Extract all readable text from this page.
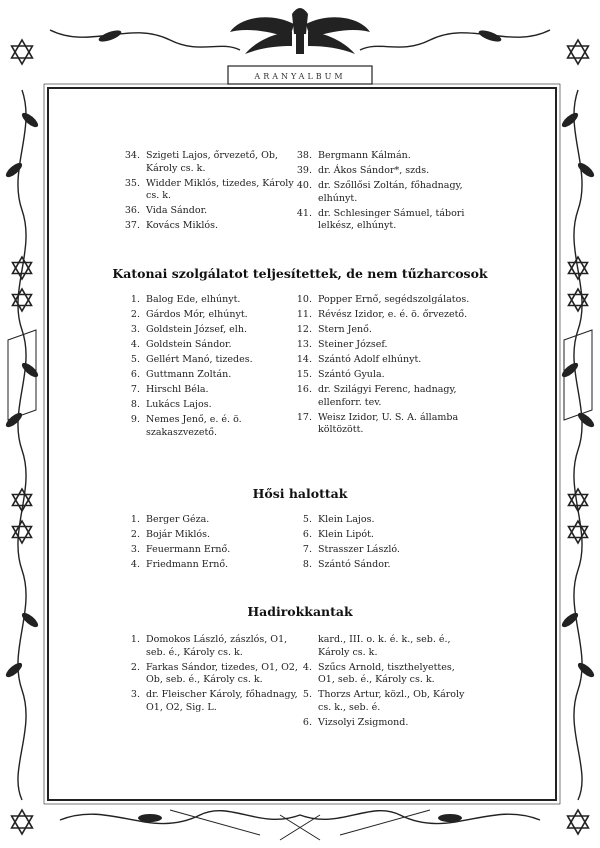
ARANYALBUM
34. Szigeti Lajos, őrvezető, Ob, Károly cs. k.
35. Widder Miklós, tizedes, Károly cs. k.
36. Vida Sándor.
37. Kovács Miklós.
38. Bergmann Kálmán.
39. dr. Ákos Sándor*, szds.
40. dr. Szőllősi Zoltán, főhadnagy, elhúnyt.
41. dr. Schlesinger Sámuel, tábori lelkész, elhúnyt.
Katonai szolgálatot teljesítettek, de nem tűzharcosok
1. Balog Ede, elhúnyt.
2. Gárdos Mór, elhúnyt.
3. Goldstein József, elh.
4. Goldstein Sándor.
5. Gellért Manó, tizedes.
6. Guttmann Zoltán.
7. Hirschl Béla.
8. Lukács Lajos.
9. Nemes Jenő, e. é. ö. szakaszvezető.
10. Popper Ernő, segédszolgálatos.
11. Révész Izidor, e. é. ö. őrvezető.
12. Stern Jenő.
13. Steiner József.
14. Szántó Adolf elhúnyt.
15. Szántó Gyula.
16. dr. Szilágyi Ferenc, hadnagy, ellenforr. tev.
17. Weisz Izidor, U. S. A. államba költözött.
Hősi halottak
1. Berger Géza.
2. Bojár Miklós.
3. Feuermann Ernő.
4. Friedmann Ernő.
5. Klein Lajos.
6. Klein Lipót.
7. Strasszer László.
8. Szántó Sándor.
Hadirokkantak
1. Domokos László, zászlós, O1, seb. é., Károly cs. k.
2. Farkas Sándor, tizedes, O1, O2, Ob, seb. é., Károly cs. k.
3. dr. Fleischer Károly, főhadnagy, O1, O2, Sig. L.
kard., III. o. k. é. k., seb. é., Károly cs. k.
4. Szűcs Arnold, tiszthelyettes, O1, seb. é., Károly cs. k.
5. Thorzs Artur, közl., Ob, Károly cs. k., seb. é.
6. Vizsolyi Zsigmond.
